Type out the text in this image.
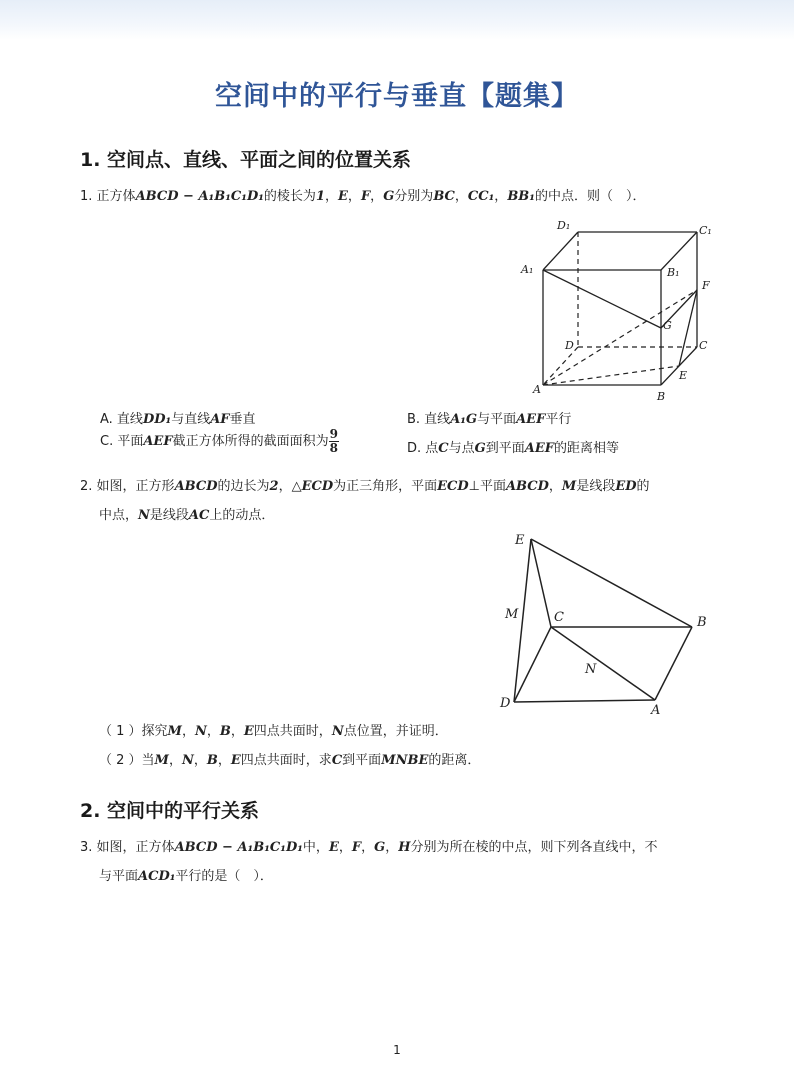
空间中的平行与垂直【题集】
1. 空间点、直线、平面之间的位置关系
1. 正方体ABCD − A₁B₁C₁D₁的棱长为1，E，F，G分别为BC，CC₁，BB₁的中点．则（　）．
D₁	C₁
A₁	B₁
F
G
D	C
A
E
B
A. 直线DD₁与直线AF垂直	B. 直线A₁G与平面AEF平行
C. 平面AEF截正方体所得的截面面积为 $\frac{9}{8}$	D. 点C与点G到平面AEF的距离相等
2. 如图，正方形ABCD的边长为2，△ECD为正三角形，平面ECD⊥平面ABCD，M是线段ED的
中点，N是线段AC上的动点．
E
M	C	B
N
D	A
（ 1 ）探究M，N，B，E四点共面时，N点位置，并证明．
（ 2 ）当M，N，B，E四点共面时，求C到平面MNBE的距离．
2. 空间中的平行关系
3. 如图，正方体ABCD − A₁B₁C₁D₁中，E，F，G，H分别为所在棱的中点，则下列各直线中，不
与平面ACD₁平行的是（　）．
1
